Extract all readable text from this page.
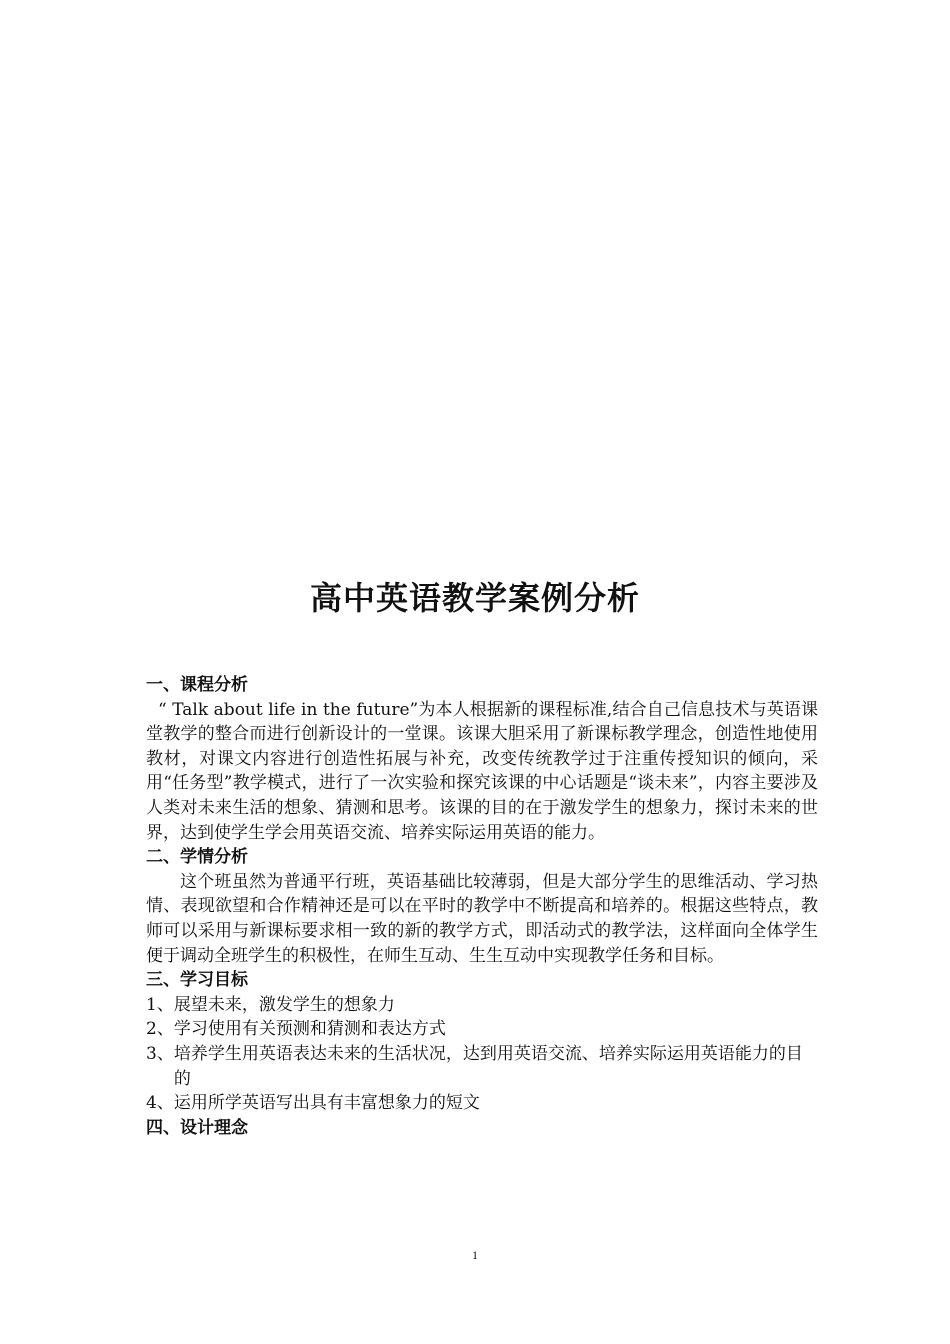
高中英语教学案例分析

一、课程分析

“ Talk about life in the future”为本人根据新的课程标准,结合自己信息技术与英语课堂教学的整合而进行创新设计的一堂课。该课大胆采用了新课标教学理念，创造性地使用教材，对课文内容进行创造性拓展与补充，改变传统教学过于注重传授知识的倾向，采用“任务型”教学模式，进行了一次实验和探究该课的中心话题是“谈未来”，内容主要涉及人类对未来生活的想象、猜测和思考。该课的目的在于激发学生的想象力，探讨未来的世界，达到使学生学会用英语交流、培养实际运用英语的能力。

二、学情分析

这个班虽然为普通平行班，英语基础比较薄弱，但是大部分学生的思维活动、学习热情、表现欲望和合作精神还是可以在平时的教学中不断提高和培养的。根据这些特点，教师可以采用与新课标要求相一致的新的教学方式，即活动式的教学法，这样面向全体学生便于调动全班学生的积极性，在师生互动、生生互动中实现教学任务和目标。

三、学习目标

1、 展望未来，激发学生的想象力
2、 学习使用有关预测和猜测和表达方式
3、 培养学生用英语表达未来的生活状况，达到用英语交流、培养实际运用英语能力的目的
4、 运用所学英语写出具有丰富想象力的短文

四、设计理念

1
